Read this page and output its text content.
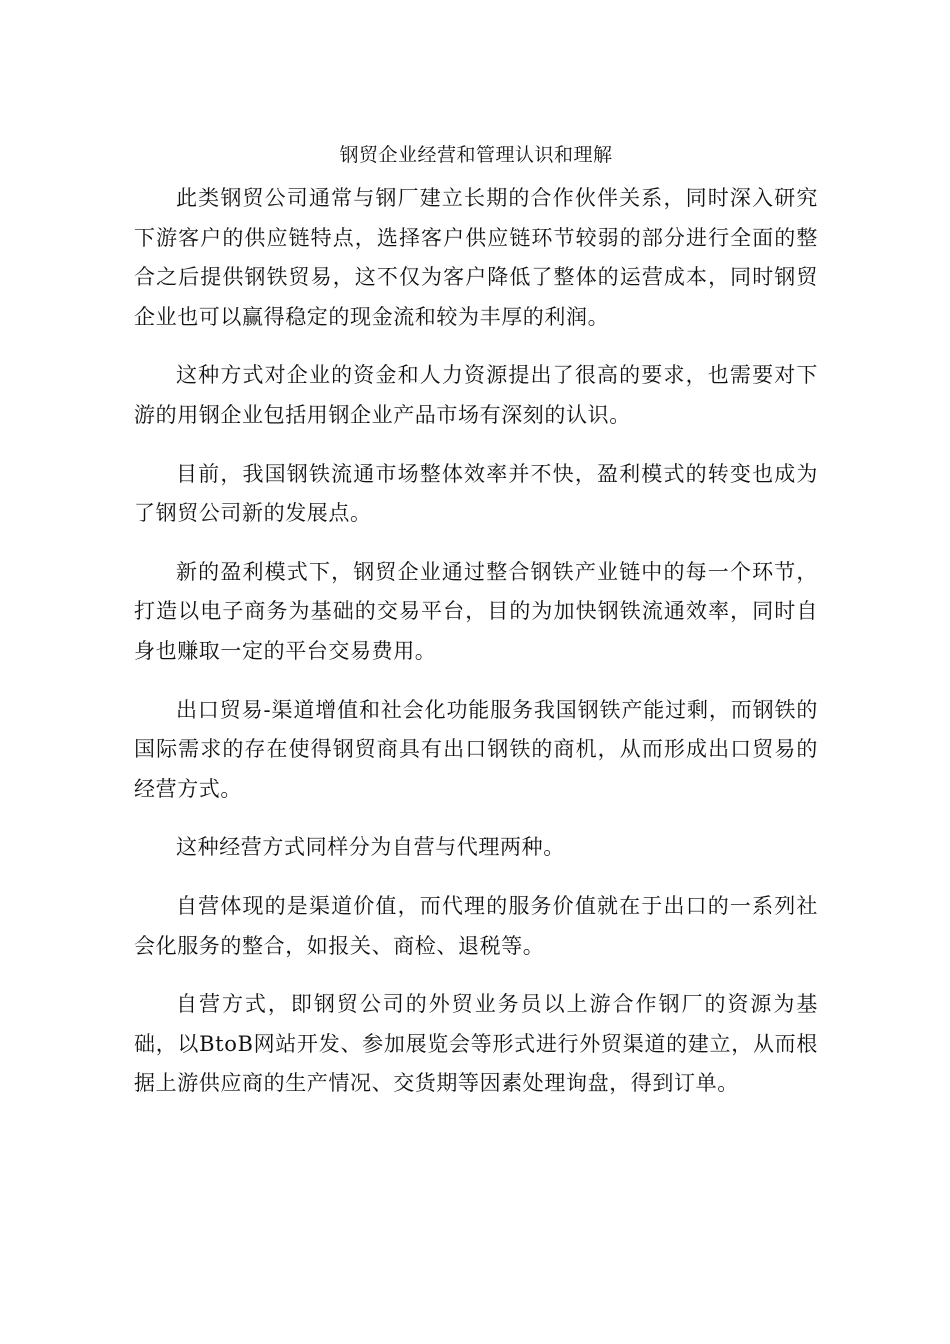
钢贸企业经营和管理认识和理解

此类钢贸公司通常与钢厂建立长期的合作伙伴关系，同时深入研究下游客户的供应链特点，选择客户供应链环节较弱的部分进行全面的整合之后提供钢铁贸易，这不仅为客户降低了整体的运营成本，同时钢贸企业也可以赢得稳定的现金流和较为丰厚的利润。

这种方式对企业的资金和人力资源提出了很高的要求，也需要对下游的用钢企业包括用钢企业产品市场有深刻的认识。

目前，我国钢铁流通市场整体效率并不快，盈利模式的转变也成为了钢贸公司新的发展点。

新的盈利模式下，钢贸企业通过整合钢铁产业链中的每一个环节，打造以电子商务为基础的交易平台，目的为加快钢铁流通效率，同时自身也赚取一定的平台交易费用。

出口贸易-渠道增值和社会化功能服务我国钢铁产能过剩，而钢铁的国际需求的存在使得钢贸商具有出口钢铁的商机，从而形成出口贸易的经营方式。

这种经营方式同样分为自营与代理两种。

自营体现的是渠道价值，而代理的服务价值就在于出口的一系列社会化服务的整合，如报关、商检、退税等。

自营方式，即钢贸公司的外贸业务员以上游合作钢厂的资源为基础，以BtoB网站开发、参加展览会等形式进行外贸渠道的建立，从而根据上游供应商的生产情况、交货期等因素处理询盘，得到订单。
